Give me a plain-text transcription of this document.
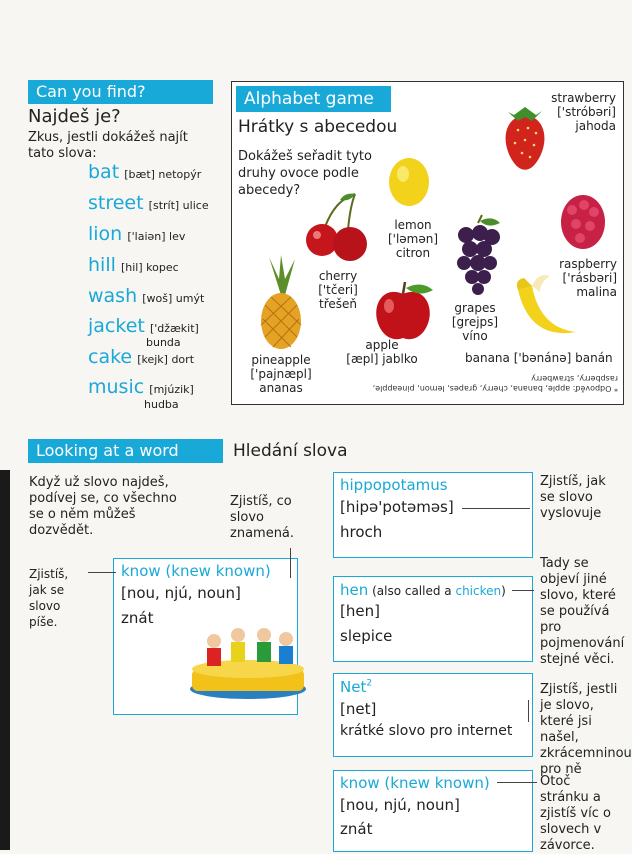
Can you find?
Najdeš je?
Zkus, jestli dokážeš najít tato slova:
bat [bæt] netopýr
street [strít] ulice
lion ['laiən] lev
hill [hil] kopec
wash [woš] umýt
jacket ['džækit]
bunda
cake [kejk] dort
music [mjúzik]
hudba
Alphabet game
Hrátky s abecedou
Dokážeš seřadit tyto druhy ovoce podle abecedy?
strawberry
['stróbəri]
jahoda
lemon
['ləmən]
citron
cherry
['tčeri]
třešeň
raspberry
['rásbəri]
malina
grapes
[grejps]
víno
apple
[æpl] jablko
pineapple
['pajnæpl]
ananas
banana ['bənánə] banán
* Odpověď: apple, banana, cherry, grapes, lemon, pineapple, raspberry, strawberry
Looking at a word	Hledání slova
Když už slovo najdeš, podívej se, co všechno se o něm můžeš dozvědět.
Zjistíš, co slovo znamená.
Zjistíš, jak se slovo píše.
know (knew known)
[nou, njú, noun]
znát
hippopotamus
[hipə'potəməs]
hroch
Zjistíš, jak se slovo vyslovuje
hen (also called a chicken)
[hen]
slepice
Tady se objeví jiné slovo, které se používá pro pojmenování stejné věci.
Net$^2$
[net]
krátké slovo pro internet
Zjistíš, jestli je slovo, které jsi našel, zkrácemninou pro ně
know (knew known)
[nou, njú, noun]
znát
Otoč stránku a zjistíš víc o slovech v závorce.
